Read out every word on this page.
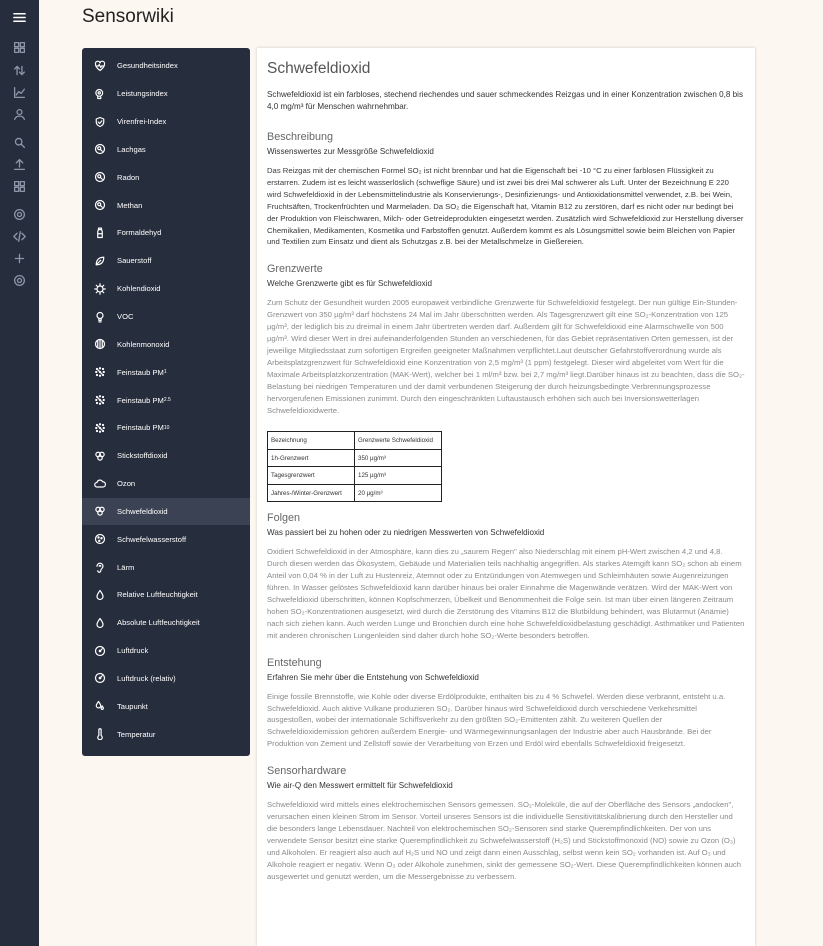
Sensorwiki
Gesundheitsindex
Leistungsindex
Virenfrei-Index
Lachgas
Radon
Methan
Formaldehyd
Sauerstoff
Kohlendioxid
VOC
Kohlenmonoxid
Feinstaub PM 1
Feinstaub PM 2.5
Feinstaub PM 10
Stickstoffdioxid
Ozon
Schwefeldioxid
Schwefelwasserstoff
Lärm
Relative Luftfeuchtigkeit
Absolute Luftfeuchtigkeit
Luftdruck
Luftdruck (relativ)
Taupunkt
Temperatur
Schwefeldioxid

Schwefeldioxid ist ein farbloses, stechend riechendes und sauer schmeckendes Reizgas und in einer Konzentration zwischen 0,8 bis 4,0 mg/m³ für Menschen wahrnehmbar.

Beschreibung
Wissenswertes zur Messgröße Schwefeldioxid

Das Reizgas mit der chemischen Formel SO₂ ist nicht brennbar und hat die Eigenschaft bei -10 °C zu einer farblosen Flüssigkeit zu erstarren. Zudem ist es leicht wasserlöslich (schweflige Säure) und ist zwei bis drei Mal schwerer als Luft. Unter der Bezeichnung E 220 wird Schwefeldioxid in der Lebensmittelindustrie als Konservierungs-, Desinfizierungs- und Antioxidationsmittel verwendet, z.B. bei Wein, Fruchtsäften, Trockenfrüchten und Marmeladen. Da SO₂ die Eigenschaft hat, Vitamin B12 zu zerstören, darf es nicht oder nur bedingt bei der Produktion von Fleischwaren, Milch- oder Getreideprodukten eingesetzt werden. Zusätzlich wird Schwefeldioxid zur Herstellung diverser Chemikalien, Medikamenten, Kosmetika und Farbstoffen genutzt. Außerdem kommt es als Lösungsmittel sowie beim Bleichen von Papier und Textilien zum Einsatz und dient als Schutzgas z.B. bei der Metallschmelze in Gießereien.

Grenzwerte
Welche Grenzwerte gibt es für Schwefeldioxid

Zum Schutz der Gesundheit wurden 2005 europaweit verbindliche Grenzwerte für Schwefeldioxid festgelegt. Der nun gültige Ein-Stunden-Grenzwert von 350 µg/m³ darf höchstens 24 Mal im Jahr überschritten werden. Als Tagesgrenzwert gilt eine SO₂-Konzentration von 125 µg/m³, der lediglich bis zu dreimal in einem Jahr übertreten werden darf. Außerdem gilt für Schwefeldioxid eine Alarmschwelle von 500 µg/m³. Wird dieser Wert in drei aufeinanderfolgenden Stunden an verschiedenen, für das Gebiet repräsentativen Orten gemessen, ist der jeweilige Mitgliedsstaat zum sofortigen Ergreifen geeigneter Maßnahmen verpflichtet.Laut deutscher Gefahrstoffverordnung wurde als Arbeitsplatzgrenzwert für Schwefeldioxid eine Konzentration von 2,5 mg/m³ (1 ppm) festgelegt. Dieser wird abgeleitet vom Wert für die Maximale Arbeitsplatzkonzentration (MAK-Wert), welcher bei 1 ml/m³ bzw. bei 2,7 mg/m³ liegt.Darüber hinaus ist zu beachten, dass die SO₂-Belastung bei niedrigen Temperaturen und der damit verbundenen Steigerung der durch heizungsbedingte Verbrennungsprozesse hervorgerufenen Emissionen zunimmt. Durch den eingeschränkten Luftaustausch erhöhen sich auch bei Inversionswetterlagen Schwefeldioxidwerte.

Bezeichnung	Grenzwerte Schwefeldioxid
1h-Grenzwert	350 µg/m³
Tagesgrenzwert	125 µg/m³
Jahres-/Winter-Grenzwert	20 µg/m³
Folgen
Was passiert bei zu hohen oder zu niedrigen Messwerten von Schwefeldioxid

Oxidiert Schwefeldioxid in der Atmosphäre, kann dies zu „saurem Regen" also Niederschlag mit einem pH-Wert zwischen 4,2 und 4,8. Durch diesen werden das Ökosystem, Gebäude und Materialien teils nachhaltig angegriffen. Als starkes Atemgift kann SO₂ schon ab einem Anteil von 0,04 % in der Luft zu Hustenreiz, Atemnot oder zu Entzündungen von Atemwegen und Schleimhäuten sowie Augenreizungen führen. In Wasser gelöstes Schwefeldioxid kann darüber hinaus bei oraler Einnahme die Magenwände verätzen. Wird der MAK-Wert von Schwefeldioxid überschritten, können Kopfschmerzen, Übelkeit und Benommenheit die Folge sein. Ist man über einen längeren Zeitraum hohen SO₂-Konzentrationen ausgesetzt, wird durch die Zerstörung des Vitamins B12 die Blutbildung behindert, was Blutarmut (Anämie) nach sich ziehen kann. Auch werden Lunge und Bronchien durch eine hohe Schwefeldioxidbelastung geschädigt. Asthmatiker und Patienten mit anderen chronischen Lungenleiden sind daher durch hohe SO₂-Werte besonders betroffen.

Entstehung
Erfahren Sie mehr über die Entstehung von Schwefeldioxid

Einige fossile Brennstoffe, wie Kohle oder diverse Erdölprodukte, enthalten bis zu 4 % Schwefel. Werden diese verbrannt, entsteht u.a. Schwefeldioxid. Auch aktive Vulkane produzieren SO₂. Darüber hinaus wird Schwefeldioxid durch verschiedene Verkehrsmittel ausgestoßen, wobei der internationale Schiffsverkehr zu den größten SO₂-Emittenten zählt. Zu weiteren Quellen der Schwefeldioxidemission gehören außerdem Energie- und Wärmegewinnungsanlagen der Industrie aber auch Hausbrände. Bei der Produktion von Zement und Zellstoff sowie der Verarbeitung von Erzen und Erdöl wird ebenfalls Schwefeldioxid freigesetzt.

Sensorhardware
Wie air-Q den Messwert ermittelt für Schwefeldioxid

Schwefeldioxid wird mittels eines elektrochemischen Sensors gemessen. SO₂-Moleküle, die auf der Oberfläche des Sensors „andocken", verursachen einen kleinen Strom im Sensor. Vorteil unseres Sensors ist die individuelle Sensitivitätskalibrierung durch den Hersteller und die besonders lange Lebensdauer. Nachteil von elektrochemischen SO₂-Sensoren sind starke Querempfindlichkeiten. Der von uns verwendete Sensor besitzt eine starke Querempfindlichkeit zu Schwefelwasserstoff (H₂S) und Stickstoffmonoxid (NO) sowie zu Ozon (O₃) und Alkoholen. Er reagiert also auch auf H₂S und NO und zeigt dann einen Ausschlag, selbst wenn kein SO₂ vorhanden ist. Auf O₃ und Alkohole reagiert er negativ. Wenn O₃ oder Alkohole zunehmen, sinkt der gemessene SO₂-Wert. Diese Querempfindlichkeiten können auch ausgewertet und genutzt werden, um die Messergebnisse zu verbessern.
